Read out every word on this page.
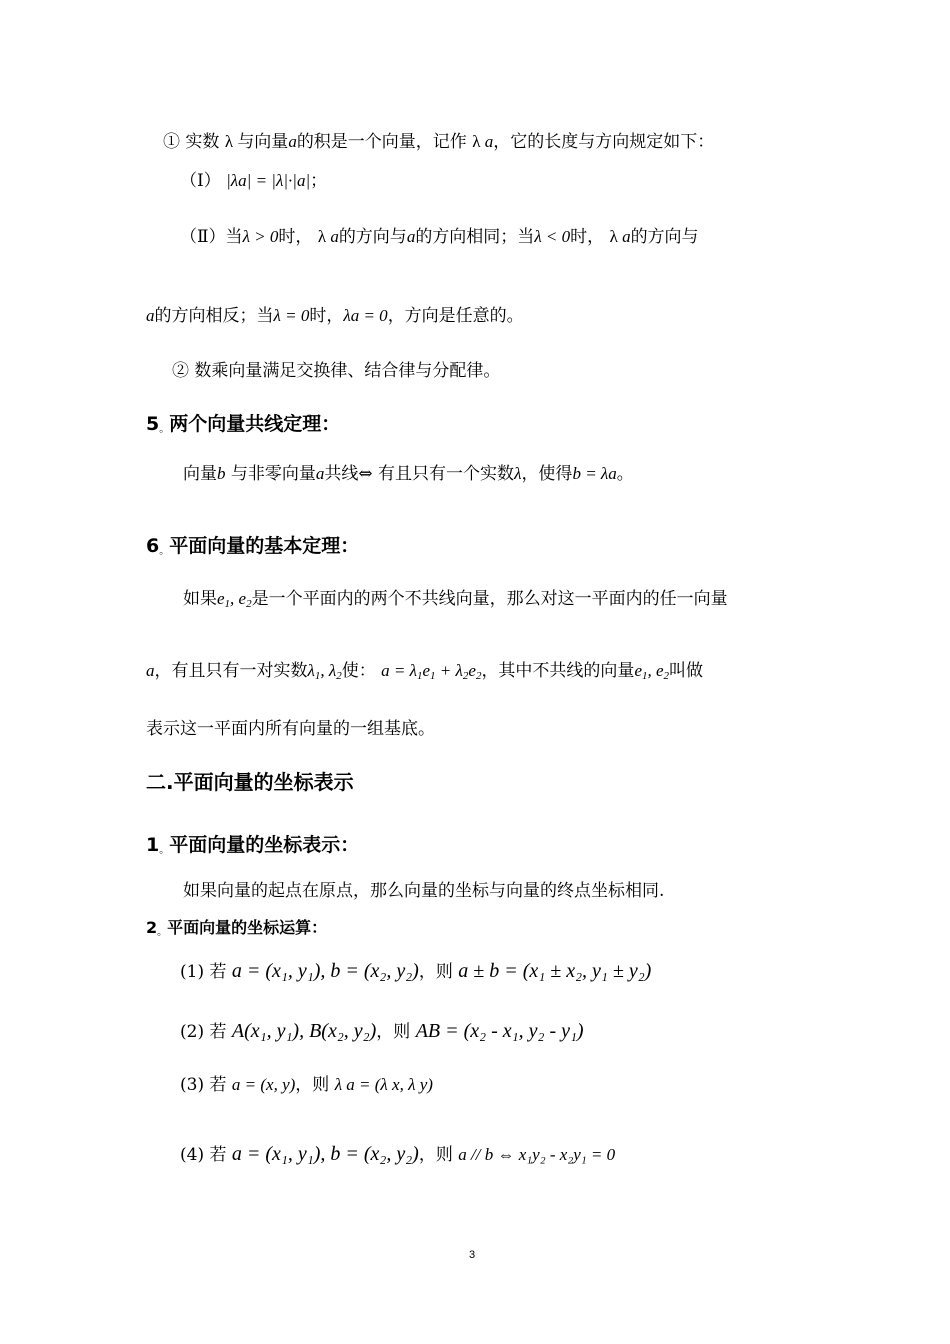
① 实数 λ 与向量a的积是一个向量，记作 λ a，它的长度与方向规定如下：
（Ⅰ） |λa| = |λ|·|a|；
（Ⅱ）当λ > 0时， λ a的方向与a的方向相同；当λ < 0时， λ a的方向与
a的方向相反；当λ = 0时，λa = 0，方向是任意的。
② 数乘向量满足交换律、结合律与分配律。
5。两个向量共线定理：
向量b 与非零向量a共线⇔ 有且只有一个实数λ，使得b = λa。
6。平面向量的基本定理：
如果$e_1$, $e_2$是一个平面内的两个不共线向量，那么对这一平面内的任一向量
a，有且只有一对实数$\lambda_1$, $\lambda_2$使： $a = \lambda_1e_1 + \lambda_2e_2$，其中不共线的向量$e_1$, $e_2$叫做
表示这一平面内所有向量的一组基底。
二.平面向量的坐标表示
1。平面向量的坐标表示：
如果向量的起点在原点，那么向量的坐标与向量的终点坐标相同.
2。平面向量的坐标运算：
(1) 若 a = (x₁, y₁), b = (x₂, y₂)，则 a ± b = (x₁ ± x₂, y₁ ± y₂)
(2) 若 A(x₁, y₁), B(x₂, y₂)，则 AB = (x₂ - x₁, y₂ - y₁)
(3) 若 a = (x, y)，则 λ a = (λ x, λ y)
(4) 若 a = (x₁, y₁), b = (x₂, y₂)，则 a // b ⇔ x₁y₂ - x₂y₁ = 0
3
